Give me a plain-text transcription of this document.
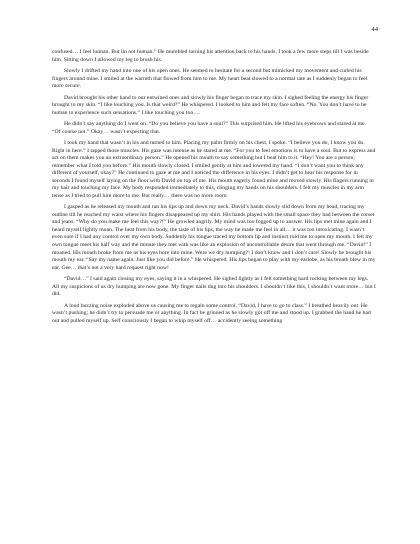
44

confused… I feel human. But im not human.” He mumbled turning his attention back to his hands. I took a few more steps till I was beside him. Sitting down I allowed my leg to brush his.

Slowly I drifted my hand into one of his open ones. He seemed to hesitate for a second but mimicked my movement and curled his fingers around mine. I smiled at the warmth that flowed from him to me. My heart beat slowed to a normal rate as I suddenly began to feel more secure.

David brought his other hand to our entwined ones and slowly his finger began to trace my skin. I sighed feeling the energy his finger brought to my skin. “I like touching you. Is that weird?” He whispered. I looked to him and felt my face soften. “No. You don’t have to be human to experience such sensations.” I like touching you too….

He didn’t say anything do I went on. “Do you believe you have a soul?” This surprised him. He lifted his eyebrows and stared at me. “Of course not.” Okay… wasn’t expecting that.

I took my hand that wasn’t in his and turned to him. Placing my palm firmly on his chest, I spoke. “I believe you do, I know you do. Right in here.” I tapped those muscles. His gaze was intense as he stared at me. “For you to feel emotions is to have a soul. But to express and act on them makes you an extraordinary person.” He opened his mouth to say something but I beat him to it. “Hey! You are a person; remember what I told you before.” His mouth slowly closed. I smiled gently at him and lowered my hand. “I don’t want you to think any different of yourself, okay?” He continued to gaze at me and I noticed the difference in his eyes. I didn’t get to hear his response for in seconds I found myself laying on the floor with David on top of me. His mouth eagerly found mine and moved slowly. His fingers running in my hair and touching my face. My body responded immediately to this, clinging my hands on his shoulders. I felt my muscles in my arm tense as I tried to pull him more to me. But really… there was no more room.

I gasped as he released my mouth and ran his lips up and down my neck. David’s hands slowly slid down from my head, tracing my outline till he reached my waist where his fingers disappeared up my shirt. His hands played with the small space they had between the corset and jeans. “Why do you make me feel this way?!” He growled angrily. My mind was too fogged up to answer. His lips met mine again and I heard myself lightly moan. The heat from his body, the taste of his lips, the way he made me feel in all… it was too intoxicating. I wasn’t even sure if I had any control over my own body. Suddenly his tongue traced my bottom lip and instinct told me to open my mouth. I felt my own tongue meet his half way and the minute they met with was like an explosion of uncontrollable desire that went through me. “David!” I moaned. His mouth broke from me as his eyes bore into mine. Were we dry humping?! I don’t know and I don’t care! Slowly he brought his mouth my ear. “Say my name again. Just like you did before.” He whispered. His lips began to play with my earlobe, as his breath blew in my ear. Gee… that’s not a very hard request right now!

“David…” I said again closing my eyes, saying it in a whispered. He sighed lightly as I felt something hard rocking between my legs. All my suspicions of us dry humping are now gone. My finger nails dug into his shoulders. I shouldn’t like this, I shouldn’t want more… but I did.

A loud buzzing noise exploded above us causing me to regain some control. “David, I have to go to class.” I breathed heavily out. He wasn’t pushing; he didn’t try to persuade me or anything. In fact he grinned as he slowly got off me and stood up. I grabbed the hand he had out and pulled myself up. Self consciously I began to whip myself off… accidently seeing something
